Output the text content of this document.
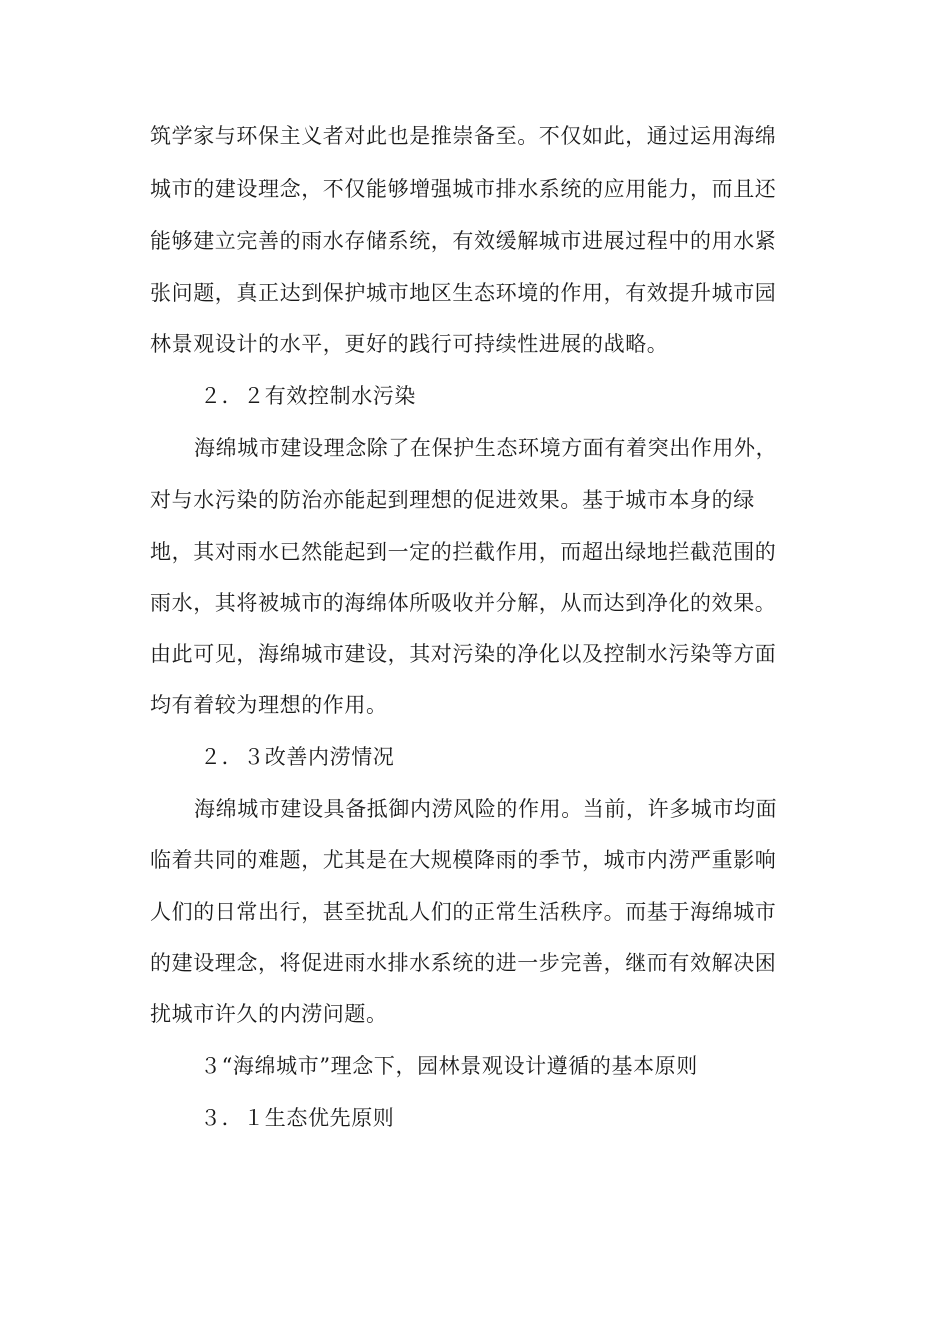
筑学家与环保主义者对此也是推崇备至。不仅如此，通过运用海绵
城市的建设理念，不仅能够增强城市排水系统的应用能力，而且还
能够建立完善的雨水存储系统，有效缓解城市进展过程中的用水紧
张问题，真正达到保护城市地区生态环境的作用，有效提升城市园
林景观设计的水平，更好的践行可持续性进展的战略。
２．２有效控制水污染
海绵城市建设理念除了在保护生态环境方面有着突出作用外，
对与水污染的防治亦能起到理想的促进效果。基于城市本身的绿
地，其对雨水已然能起到一定的拦截作用，而超出绿地拦截范围的
雨水，其将被城市的海绵体所吸收并分解，从而达到净化的效果。
由此可见，海绵城市建设，其对污染的净化以及控制水污染等方面
均有着较为理想的作用。
２．３改善内涝情况
海绵城市建设具备抵御内涝风险的作用。当前，许多城市均面
临着共同的难题，尤其是在大规模降雨的季节，城市内涝严重影响
人们的日常出行，甚至扰乱人们的正常生活秩序。而基于海绵城市
的建设理念，将促进雨水排水系统的进一步完善，继而有效解决困
扰城市许久的内涝问题。
３“海绵城市”理念下，园林景观设计遵循的基本原则
３．１生态优先原则
